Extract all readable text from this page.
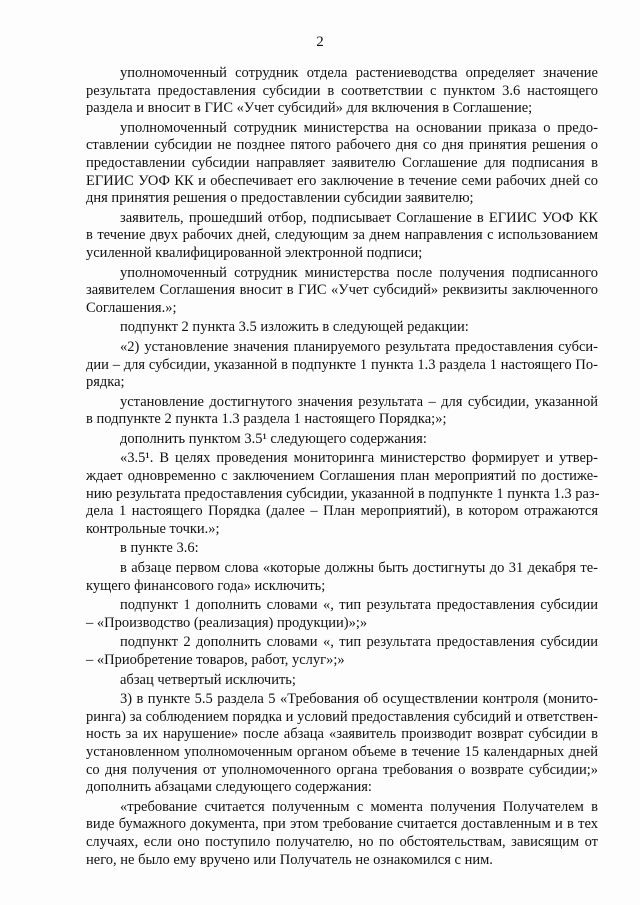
2
уполномоченный сотрудник отдела растениеводства определяет значение
результата предоставления субсидии в соответствии с пунктом 3.6 настоящего
раздела и вносит в ГИС «Учет субсидий» для включения в Соглашение;
уполномоченный сотрудник министерства на основании приказа о предо-
ставлении субсидии не позднее пятого рабочего дня со дня принятия решения о
предоставлении субсидии направляет заявителю Соглашение для подписания в
ЕГИИС УОФ КК и обеспечивает его заключение в течение семи рабочих дней со
дня принятия решения о предоставлении субсидии заявителю;
заявитель, прошедший отбор, подписывает Соглашение в ЕГИИС УОФ КК
в течение двух рабочих дней, следующим за днем направления с использованием
усиленной квалифицированной электронной подписи;
уполномоченный сотрудник министерства после получения подписанного
заявителем Соглашения вносит в ГИС «Учет субсидий» реквизиты заключенного
Соглашения.»;
подпункт 2 пункта 3.5 изложить в следующей редакции:
«2) установление значения планируемого результата предоставления субси-
дии – для субсидии, указанной в подпункте 1 пункта 1.3 раздела 1 настоящего По-
рядка;
установление достигнутого значения результата – для субсидии, указанной
в подпункте 2 пункта 1.3 раздела 1 настоящего Порядка;»;
дополнить пунктом 3.5¹ следующего содержания:
«3.5¹. В целях проведения мониторинга министерство формирует и утвер-
ждает одновременно с заключением Соглашения план мероприятий по достиже-
нию результата предоставления субсидии, указанной в подпункте 1 пункта 1.3 раз-
дела 1 настоящего Порядка (далее – План мероприятий), в котором отражаются
контрольные точки.»;
в пункте 3.6:
в абзаце первом слова «которые должны быть достигнуты до 31 декабря те-
кущего финансового года» исключить;
подпункт 1 дополнить словами «, тип результата предоставления субсидии
– «Производство (реализация) продукции)»;»
подпункт 2 дополнить словами «, тип результата предоставления субсидии
– «Приобретение товаров, работ, услуг»;»
абзац четвертый исключить;
3) в пункте 5.5 раздела 5 «Требования об осуществлении контроля (монито-
ринга) за соблюдением порядка и условий предоставления субсидий и ответствен-
ность за их нарушение» после абзаца «заявитель производит возврат субсидии в
установленном уполномоченным органом объеме в течение 15 календарных дней
со дня получения от уполномоченного органа требования о возврате субсидии;»
дополнить абзацами следующего содержания:
«требование считается полученным с момента получения Получателем в
виде бумажного документа, при этом требование считается доставленным и в тех
случаях, если оно поступило получателю, но по обстоятельствам, зависящим от
него, не было ему вручено или Получатель не ознакомился с ним.
